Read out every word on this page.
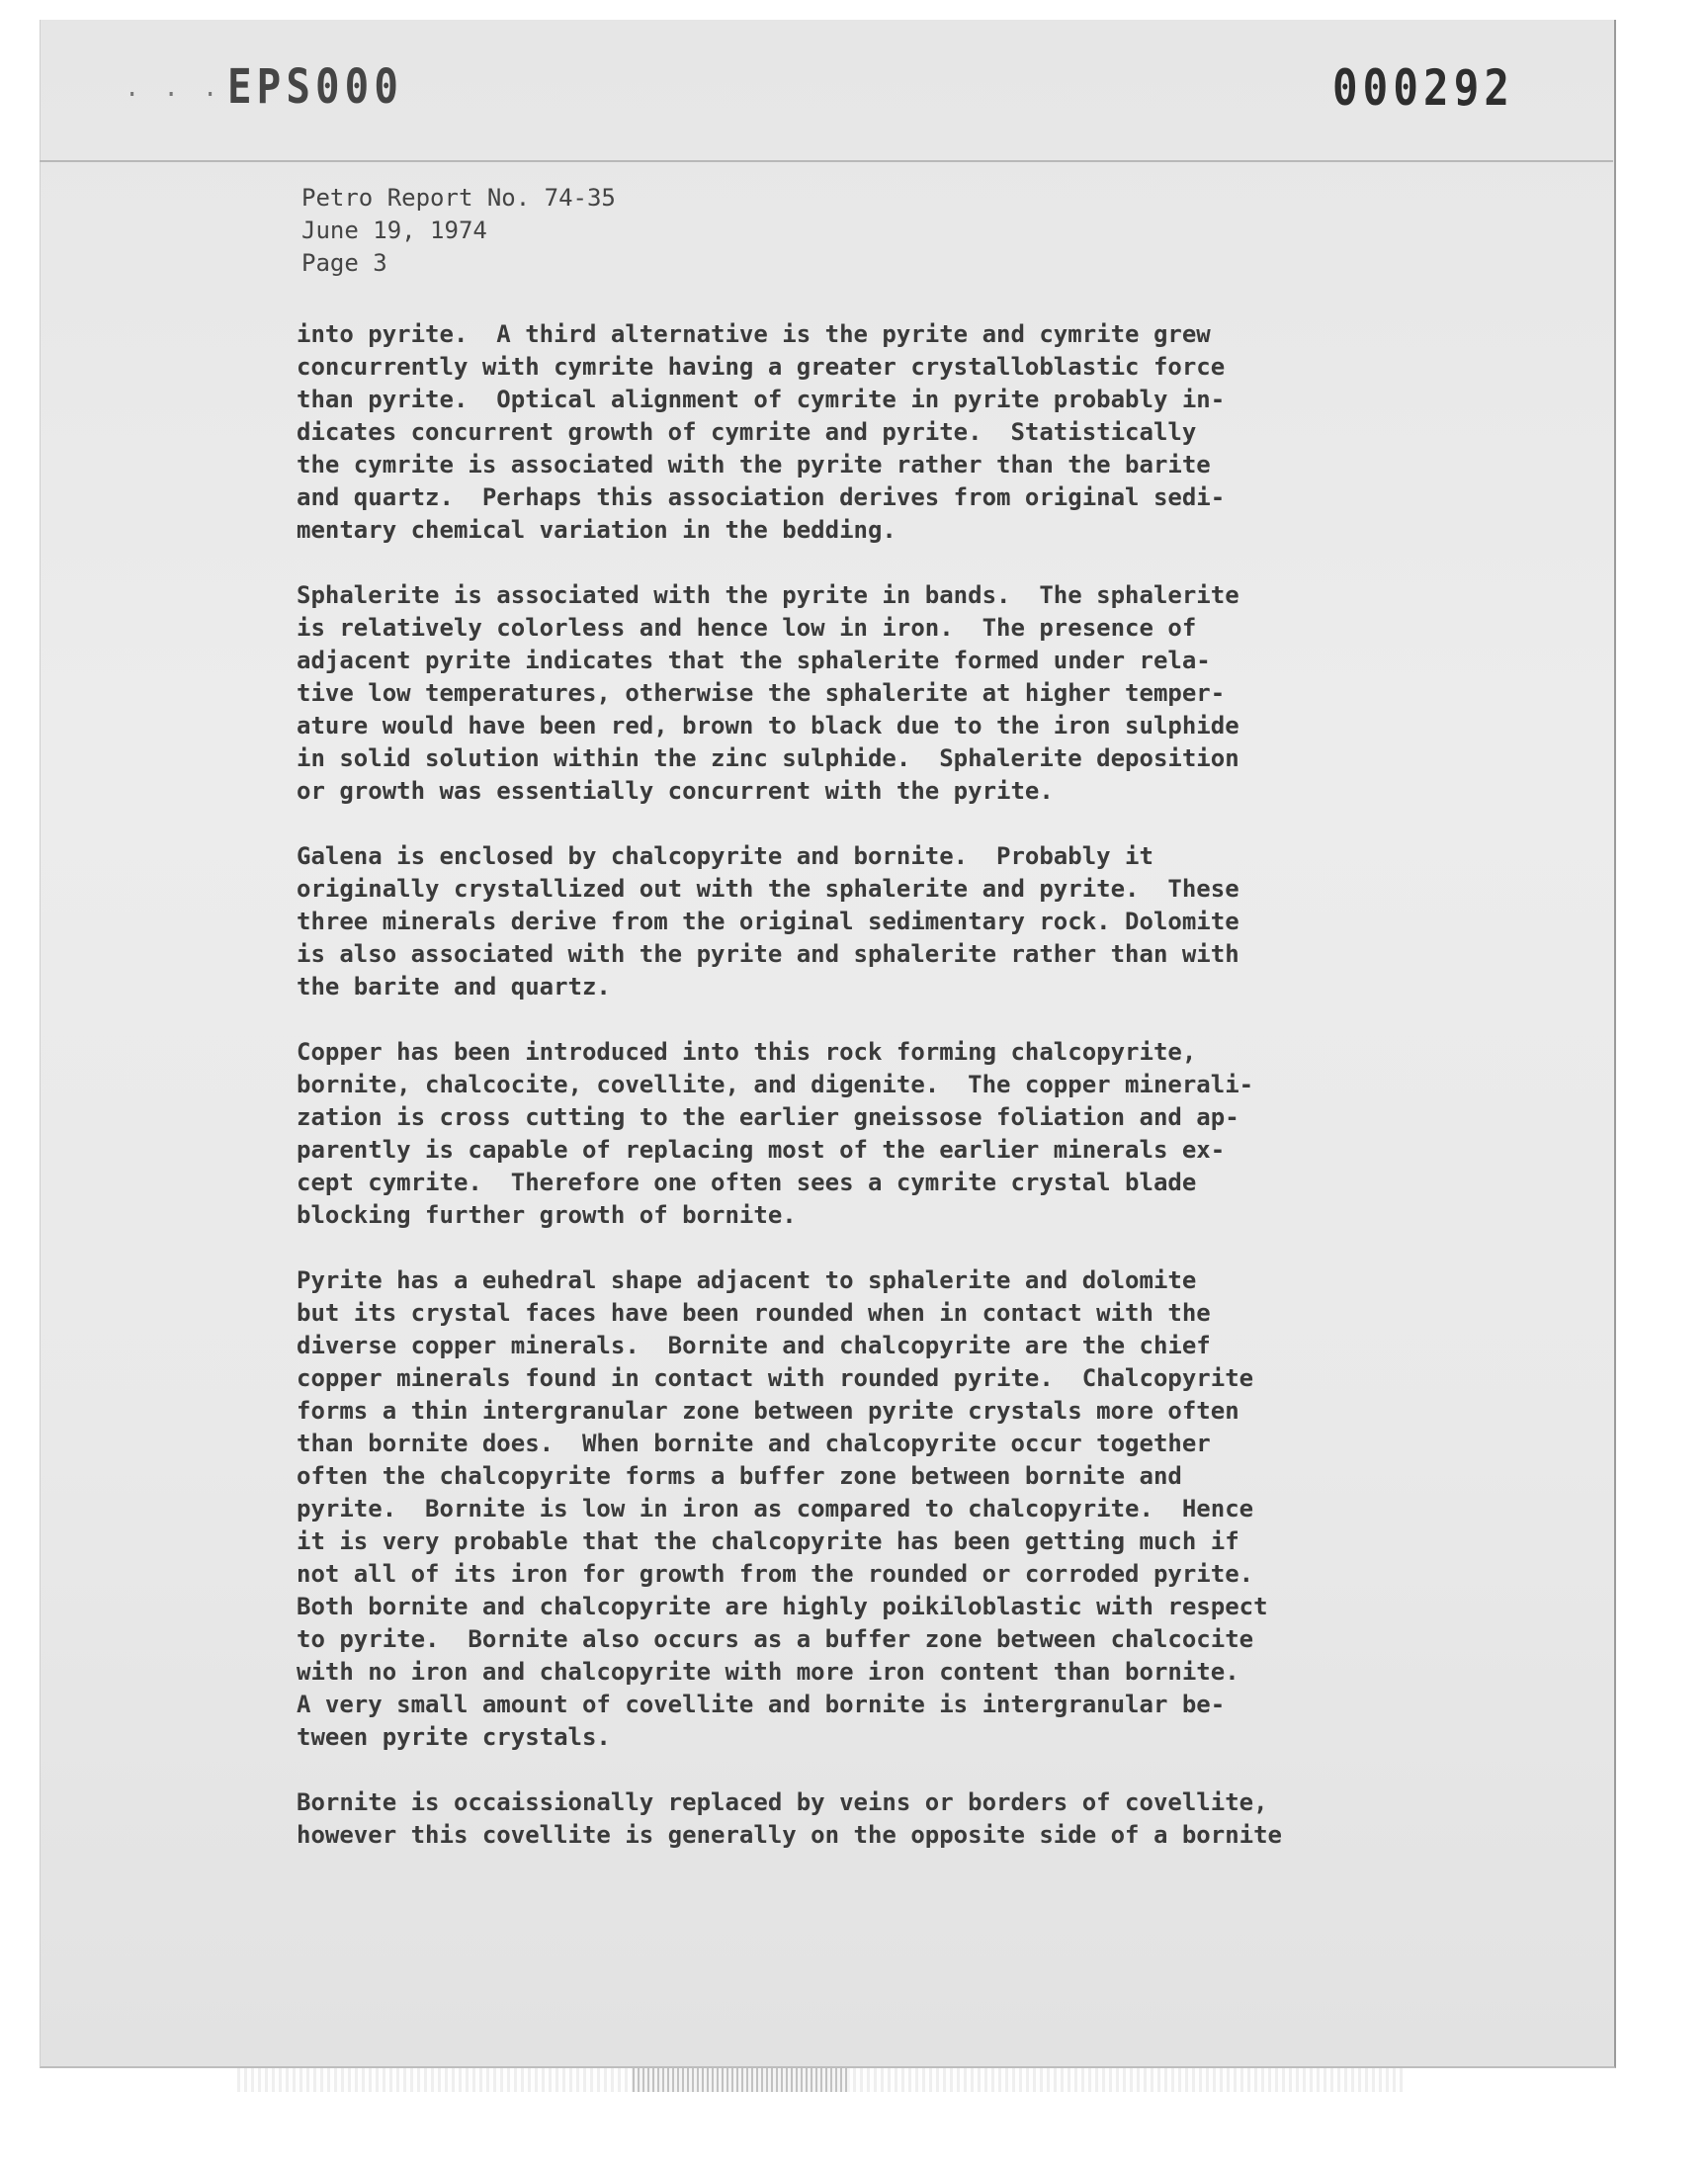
. . . EPS000	000292
Petro Report No. 74-35
June 19, 1974
Page 3
into pyrite.  A third alternative is the pyrite and cymrite grew
concurrently with cymrite having a greater crystalloblastic force
than pyrite.  Optical alignment of cymrite in pyrite probably in-
dicates concurrent growth of cymrite and pyrite.  Statistically
the cymrite is associated with the pyrite rather than the barite
and quartz.  Perhaps this association derives from original sedi-
mentary chemical variation in the bedding.
Sphalerite is associated with the pyrite in bands.  The sphalerite
is relatively colorless and hence low in iron.  The presence of
adjacent pyrite indicates that the sphalerite formed under rela-
tive low temperatures, otherwise the sphalerite at higher temper-
ature would have been red, brown to black due to the iron sulphide
in solid solution within the zinc sulphide.  Sphalerite deposition
or growth was essentially concurrent with the pyrite.
Galena is enclosed by chalcopyrite and bornite.  Probably it
originally crystallized out with the sphalerite and pyrite.  These
three minerals derive from the original sedimentary rock. Dolomite
is also associated with the pyrite and sphalerite rather than with
the barite and quartz.
Copper has been introduced into this rock forming chalcopyrite,
bornite, chalcocite, covellite, and digenite.  The copper minerali-
zation is cross cutting to the earlier gneissose foliation and ap-
parently is capable of replacing most of the earlier minerals ex-
cept cymrite.  Therefore one often sees a cymrite crystal blade
blocking further growth of bornite.
Pyrite has a euhedral shape adjacent to sphalerite and dolomite
but its crystal faces have been rounded when in contact with the
diverse copper minerals.  Bornite and chalcopyrite are the chief
copper minerals found in contact with rounded pyrite.  Chalcopyrite
forms a thin intergranular zone between pyrite crystals more often
than bornite does.  When bornite and chalcopyrite occur together
often the chalcopyrite forms a buffer zone between bornite and
pyrite.  Bornite is low in iron as compared to chalcopyrite.  Hence
it is very probable that the chalcopyrite has been getting much if
not all of its iron for growth from the rounded or corroded pyrite.
Both bornite and chalcopyrite are highly poikiloblastic with respect
to pyrite.  Bornite also occurs as a buffer zone between chalcocite
with no iron and chalcopyrite with more iron content than bornite.
A very small amount of covellite and bornite is intergranular be-
tween pyrite crystals.
Bornite is occaissionally replaced by veins or borders of covellite,
however this covellite is generally on the opposite side of a bornite
